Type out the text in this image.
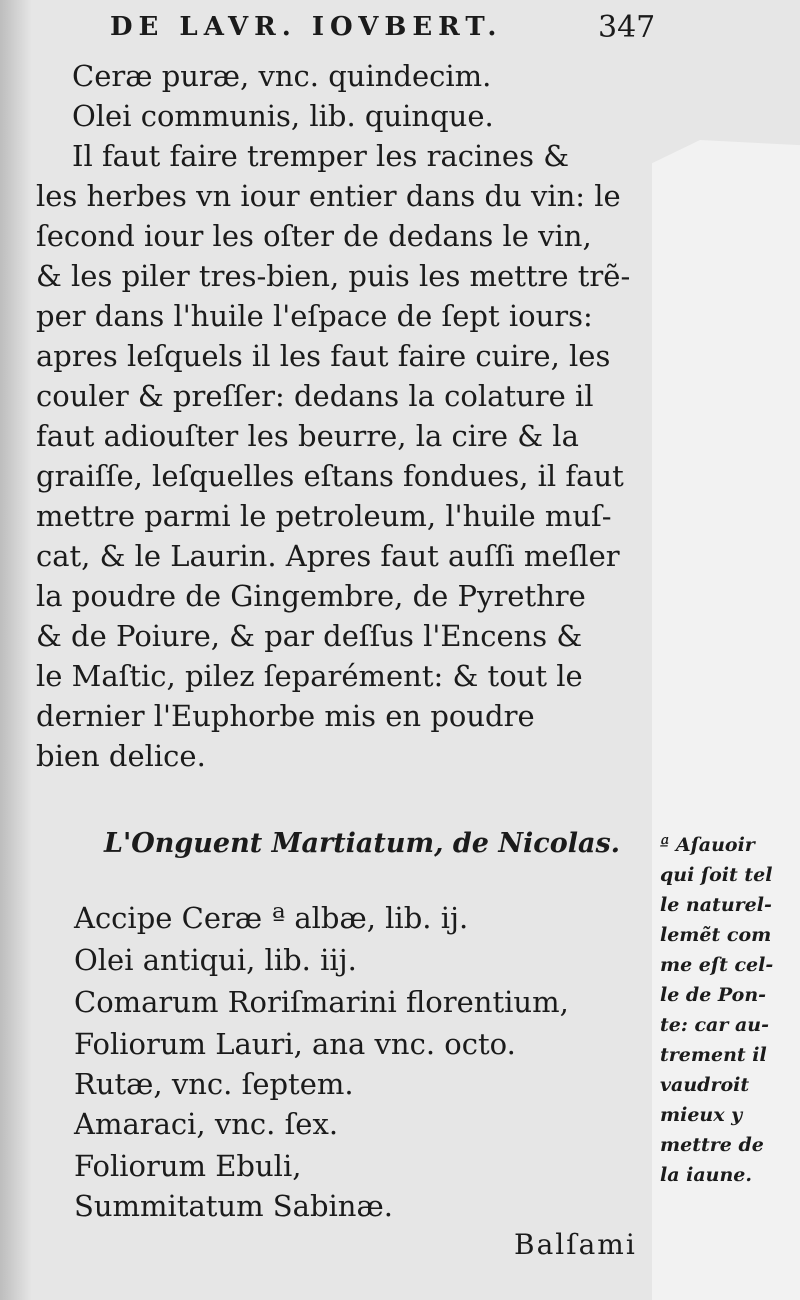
DE LAVR. IOVBERT.	347
Ceræ puræ, vnc. quindecim.
Olei communis, lib. quinque.
Il faut faire tremper les racines &
les herbes vn iour entier dans du vin: le
ſecond iour les oſter de dedans le vin,
& les piler tres-bien, puis les mettre trẽ-
per dans l'huile l'eſpace de ſept iours:
apres leſquels il les faut faire cuire, les
couler & preſſer: dedans la colature il
faut adiouſter les beurre, la cire & la
graiſſe, leſquelles eſtans fondues, il faut
mettre parmi le petroleum, l'huile muſ-
cat, & le Laurin. Apres faut auſſi meſler
la poudre de Gingembre, de Pyrethre
& de Poiure, & par deſſus l'Encens &
le Maſtic, pilez ſeparément: & tout le
dernier l'Euphorbe mis en poudre
bien delice.
L'Onguent Martiatum, de Nicolas.
Accipe Ceræ ª albæ, lib. ij.
Olei antiqui, lib. iij.
Comarum Roriſmarini florentium,
Foliorum Lauri, ana vnc. octo.
Rutæ, vnc. ſeptem.
Amaraci, vnc. ſex.
Foliorum Ebuli,
Summitatum Sabinæ.
ª Aſauoir
qui ſoit tel
le naturel-
lemẽt com
me eſt cel-
le de Pon-
te: car au-
trement il
vaudroit
mieux y
mettre de
la iaune.
Balſami
